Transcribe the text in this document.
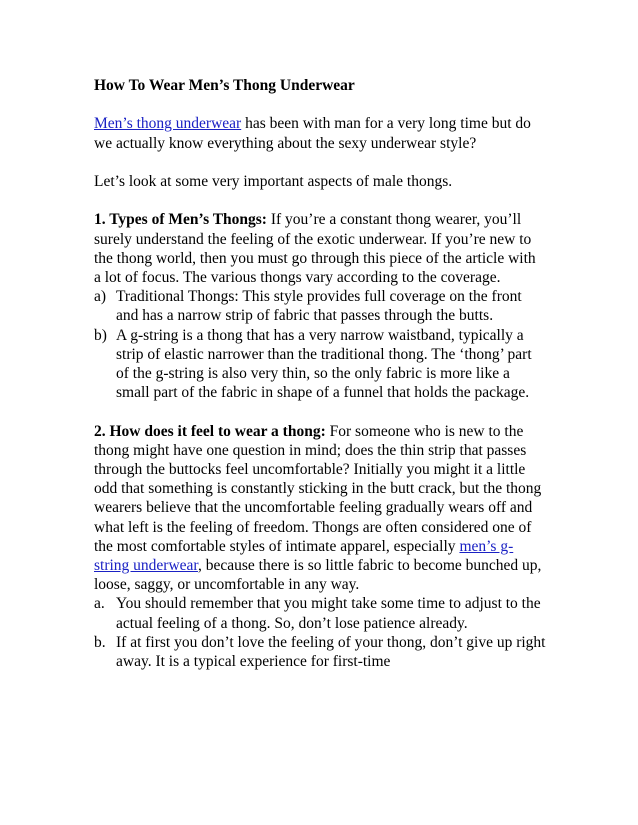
How To Wear Men’s Thong Underwear

Men’s thong underwear has been with man for a very long time but do we actually know everything about the sexy underwear style?

Let’s look at some very important aspects of male thongs.

1. Types of Men’s Thongs: If you’re a constant thong wearer, you’ll surely understand the feeling of the exotic underwear. If you’re new to the thong world, then you must go through this piece of the article with a lot of focus. The various thongs vary according to the coverage.

a) Traditional Thongs: This style provides full coverage on the front and has a narrow strip of fabric that passes through the butts.
b) A g-string is a thong that has a very narrow waistband, typically a strip of elastic narrower than the traditional thong. The ‘thong’ part of the g-string is also very thin, so the only fabric is more like a small part of the fabric in shape of a funnel that holds the package.

2. How does it feel to wear a thong: For someone who is new to the thong might have one question in mind; does the thin strip that passes through the buttocks feel uncomfortable? Initially you might it a little odd that something is constantly sticking in the butt crack, but the thong wearers believe that the uncomfortable feeling gradually wears off and what left is the feeling of freedom. Thongs are often considered one of the most comfortable styles of intimate apparel, especially men’s g-string underwear, because there is so little fabric to become bunched up, loose, saggy, or uncomfortable in any way.

a. You should remember that you might take some time to adjust to the actual feeling of a thong. So, don’t lose patience already.
b. If at first you don’t love the feeling of your thong, don’t give up right away. It is a typical experience for first-time
